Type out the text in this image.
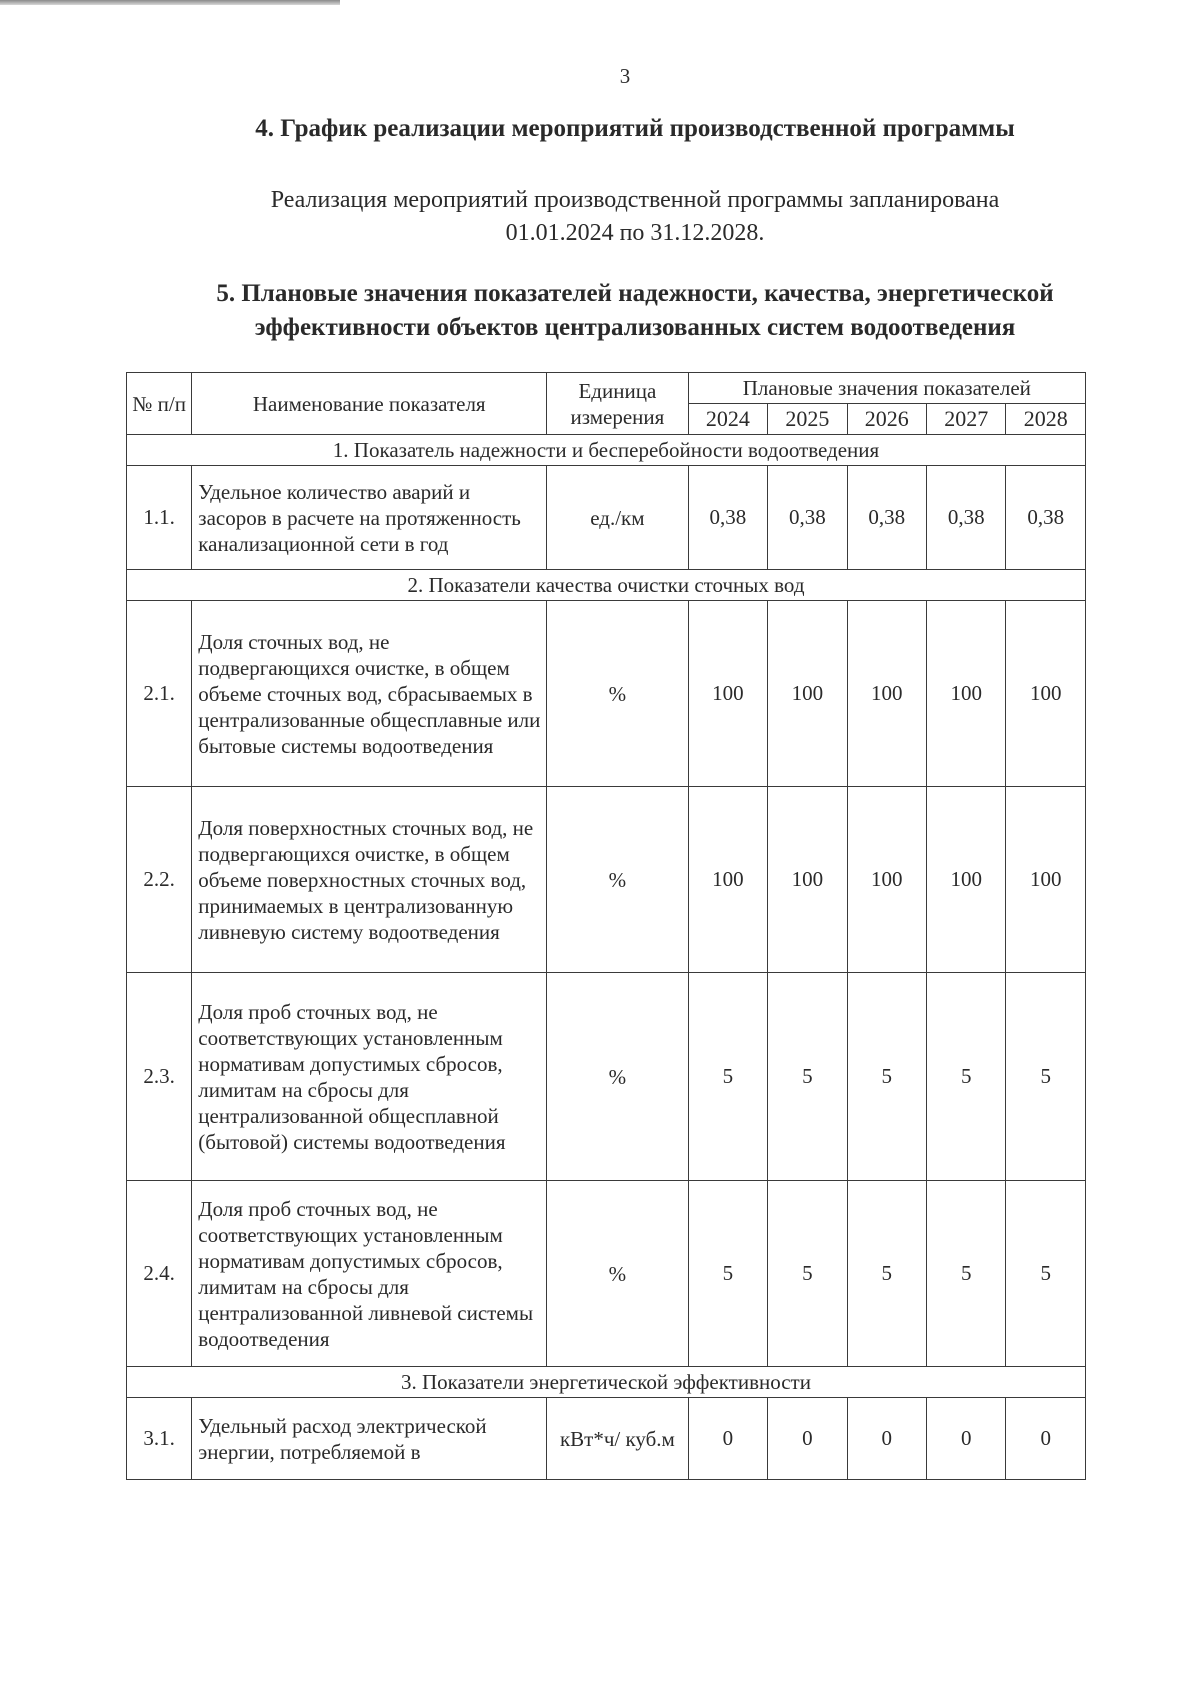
3
4. График реализации мероприятий производственной программы
Реализация мероприятий производственной программы запланирована
01.01.2024 по 31.12.2028.
5. Плановые значения показателей надежности, качества, энергетической
эффективности объектов централизованных систем водоотведения
№ п/п	Наименование показателя	Единица измерения	Плановые значения показателей				
			2024	2025	2026	2027	2028
1. Показатель надежности и бесперебойности водоотведения							
1.1.	Удельное количество аварий и засоров в расчете на протяженность канализационной сети в год	ед./км	0,38	0,38	0,38	0,38	0,38
2. Показатели качества очистки сточных вод							
2.1.	Доля сточных вод, не подвергающихся очистке, в общем объеме сточных вод, сбрасываемых в централизованные общесплавные или бытовые системы водоотведения	%	100	100	100	100	100
2.2.	Доля поверхностных сточных вод, не подвергающихся очистке, в общем объеме поверхностных сточных вод, принимаемых в централизованную ливневую систему водоотведения	%	100	100	100	100	100
2.3.	Доля проб сточных вод, не соответствующих установленным нормативам допустимых сбросов, лимитам на сбросы для централизованной общесплавной (бытовой) системы водоотведения	%	5	5	5	5	5
2.4.	Доля проб сточных вод, не соответствующих установленным нормативам допустимых сбросов, лимитам на сбросы для централизованной ливневой системы водоотведения	%	5	5	5	5	5
3. Показатели энергетической эффективности							
3.1.	Удельный расход электрической энергии, потребляемой в	кВт*ч/ куб.м	0	0	0	0	0
